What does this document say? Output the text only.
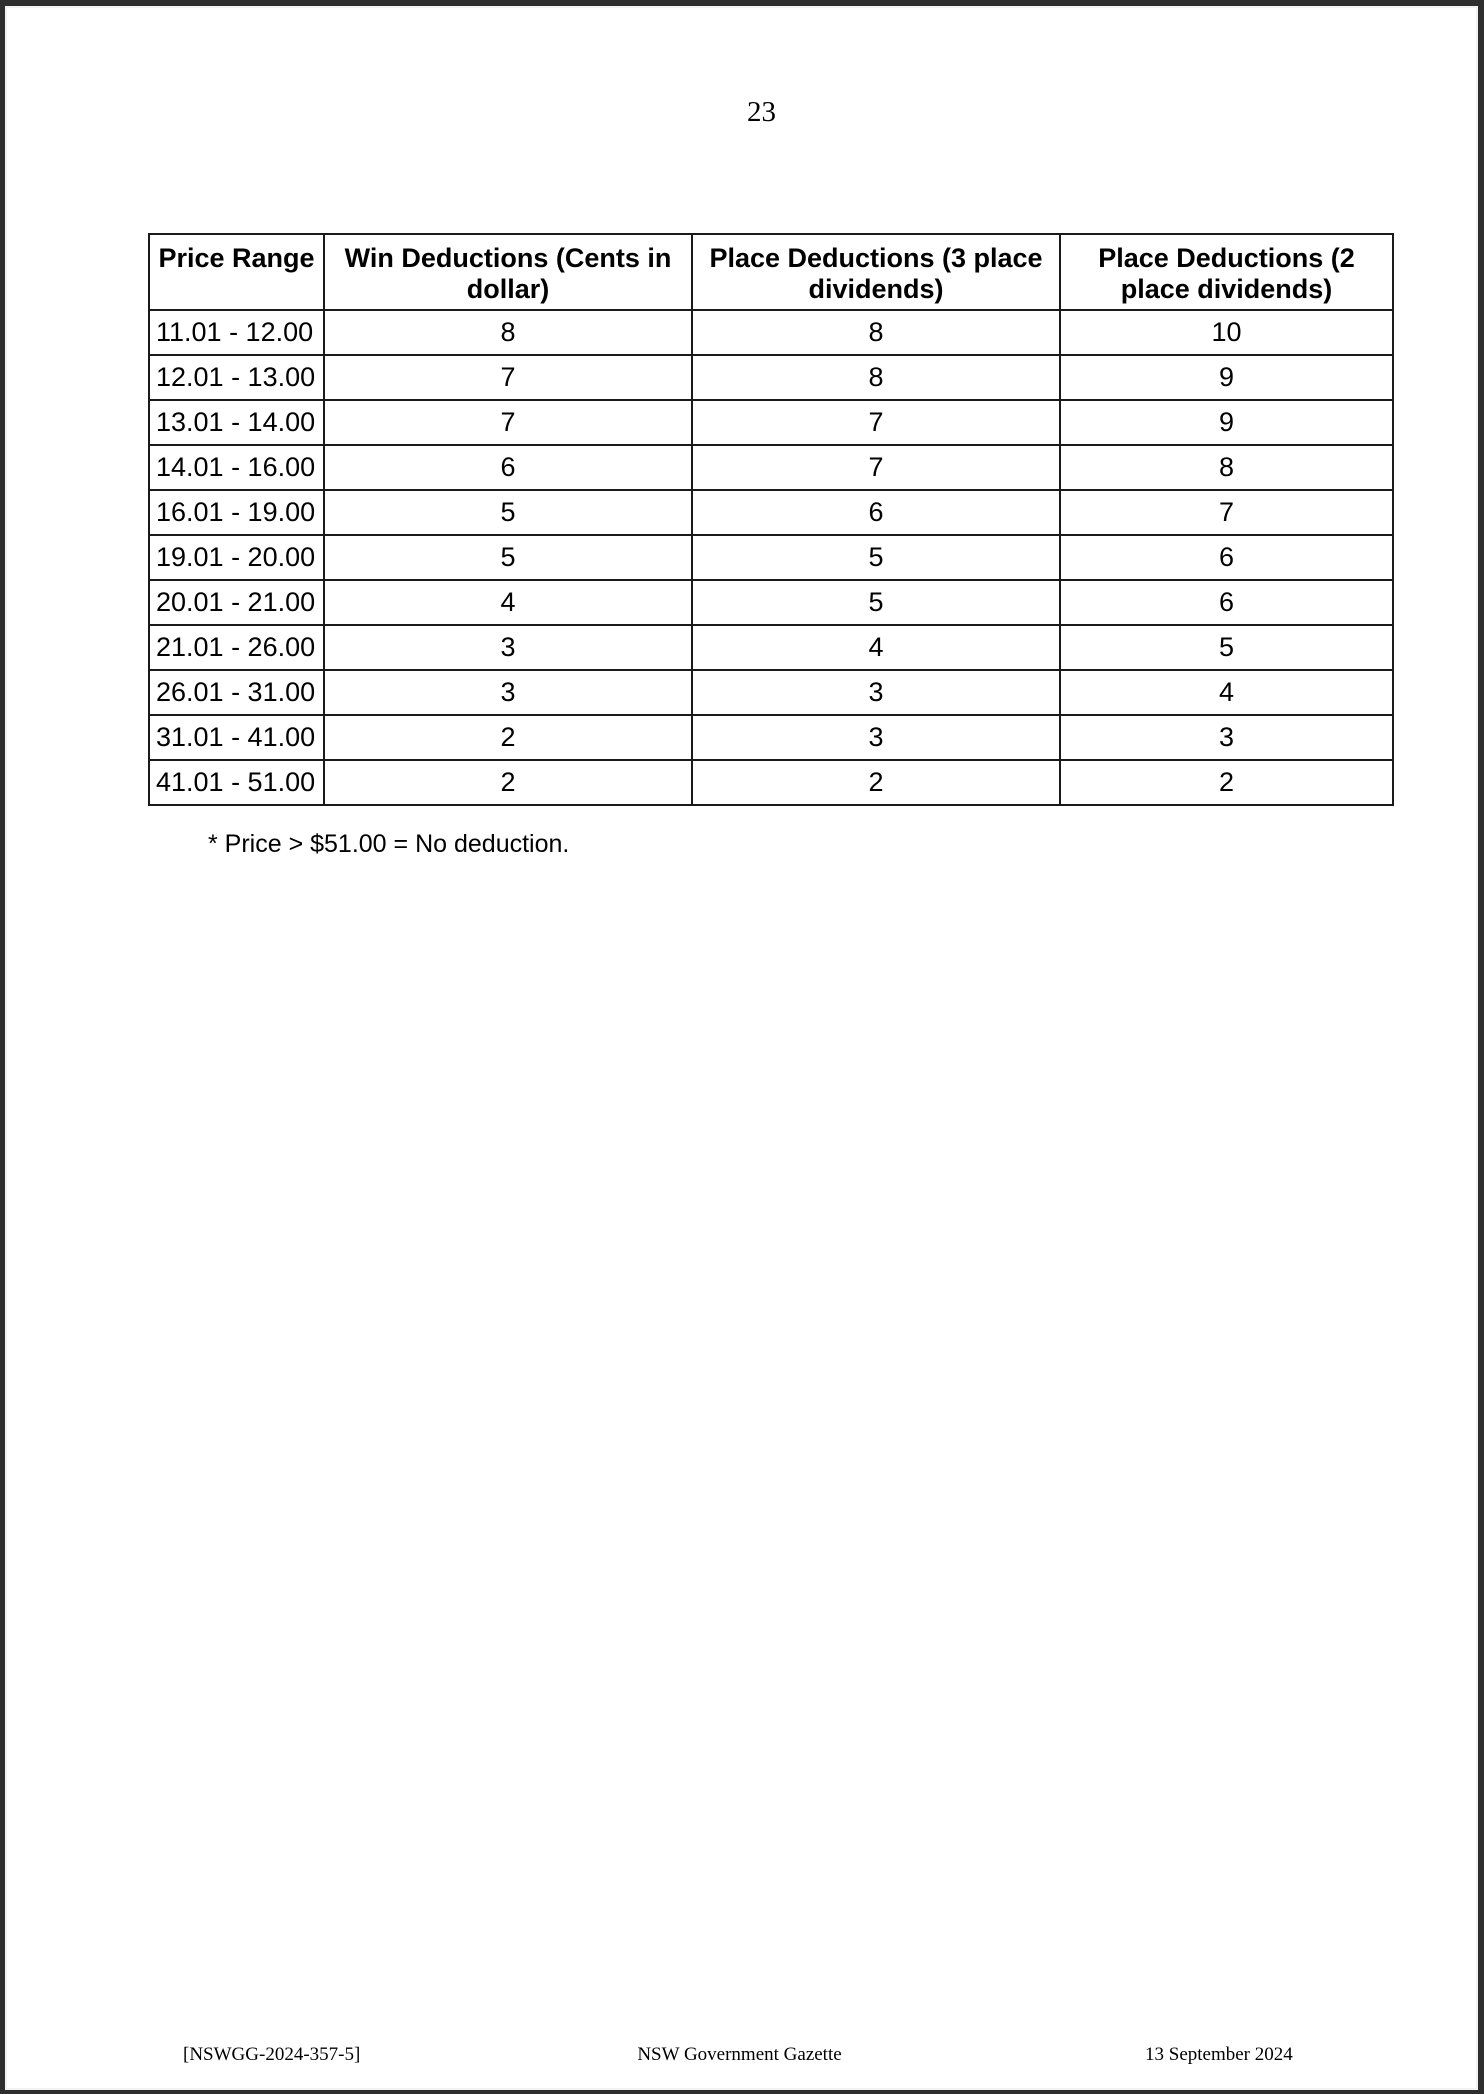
23
Price Range	Win Deductions (Cents in dollar)	Place Deductions (3 place dividends)	Place Deductions (2 place dividends)
11.01 - 12.00	8	8	10
12.01 - 13.00	7	8	9
13.01 - 14.00	7	7	9
14.01 - 16.00	6	7	8
16.01 - 19.00	5	6	7
19.01 - 20.00	5	5	6
20.01 - 21.00	4	5	6
21.01 - 26.00	3	4	5
26.01 - 31.00	3	3	4
31.01 - 41.00	2	3	3
41.01 - 51.00	2	2	2
* Price > $51.00 = No deduction.
[NSWGG-2024-357-5]	NSW Government Gazette	13 September 2024
